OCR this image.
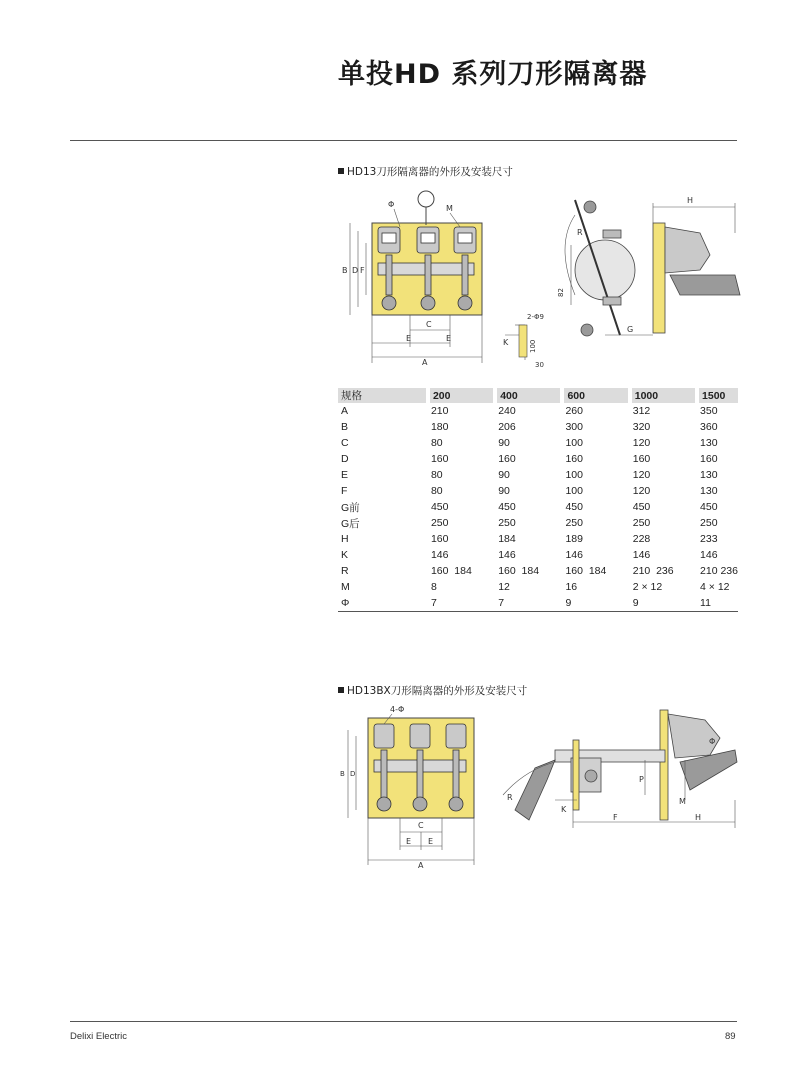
单投HD 系列刀形隔离器
HD13刀形隔离器的外形及安装尺寸
B D F
Φ	M
C
E	E
A
H
R
82
G
2-Φ9
K	100
30
规格	200	400	600	1000	1500
A	210	240	260	312	350
B	180	206	300	320	360
C	80	90	100	120	130
D	160	160	160	160	160
E	80	90	100	120	130
F	80	90	100	120	130
G前	450	450	450	450	450
G后	250	250	250	250	250
H	160	184	189	228	233
K	146	146	146	146	146
R	160  184	160  184	160  184	210  236	210 236
M	8	12	16	2 × 12	4 × 12
Φ	7	7	9	9	11
HD13BX刀形隔离器的外形及安装尺寸
4-Φ
B D
C
E E
A
R
K
F	H
P
M
Φ
Delixi Electric	89
